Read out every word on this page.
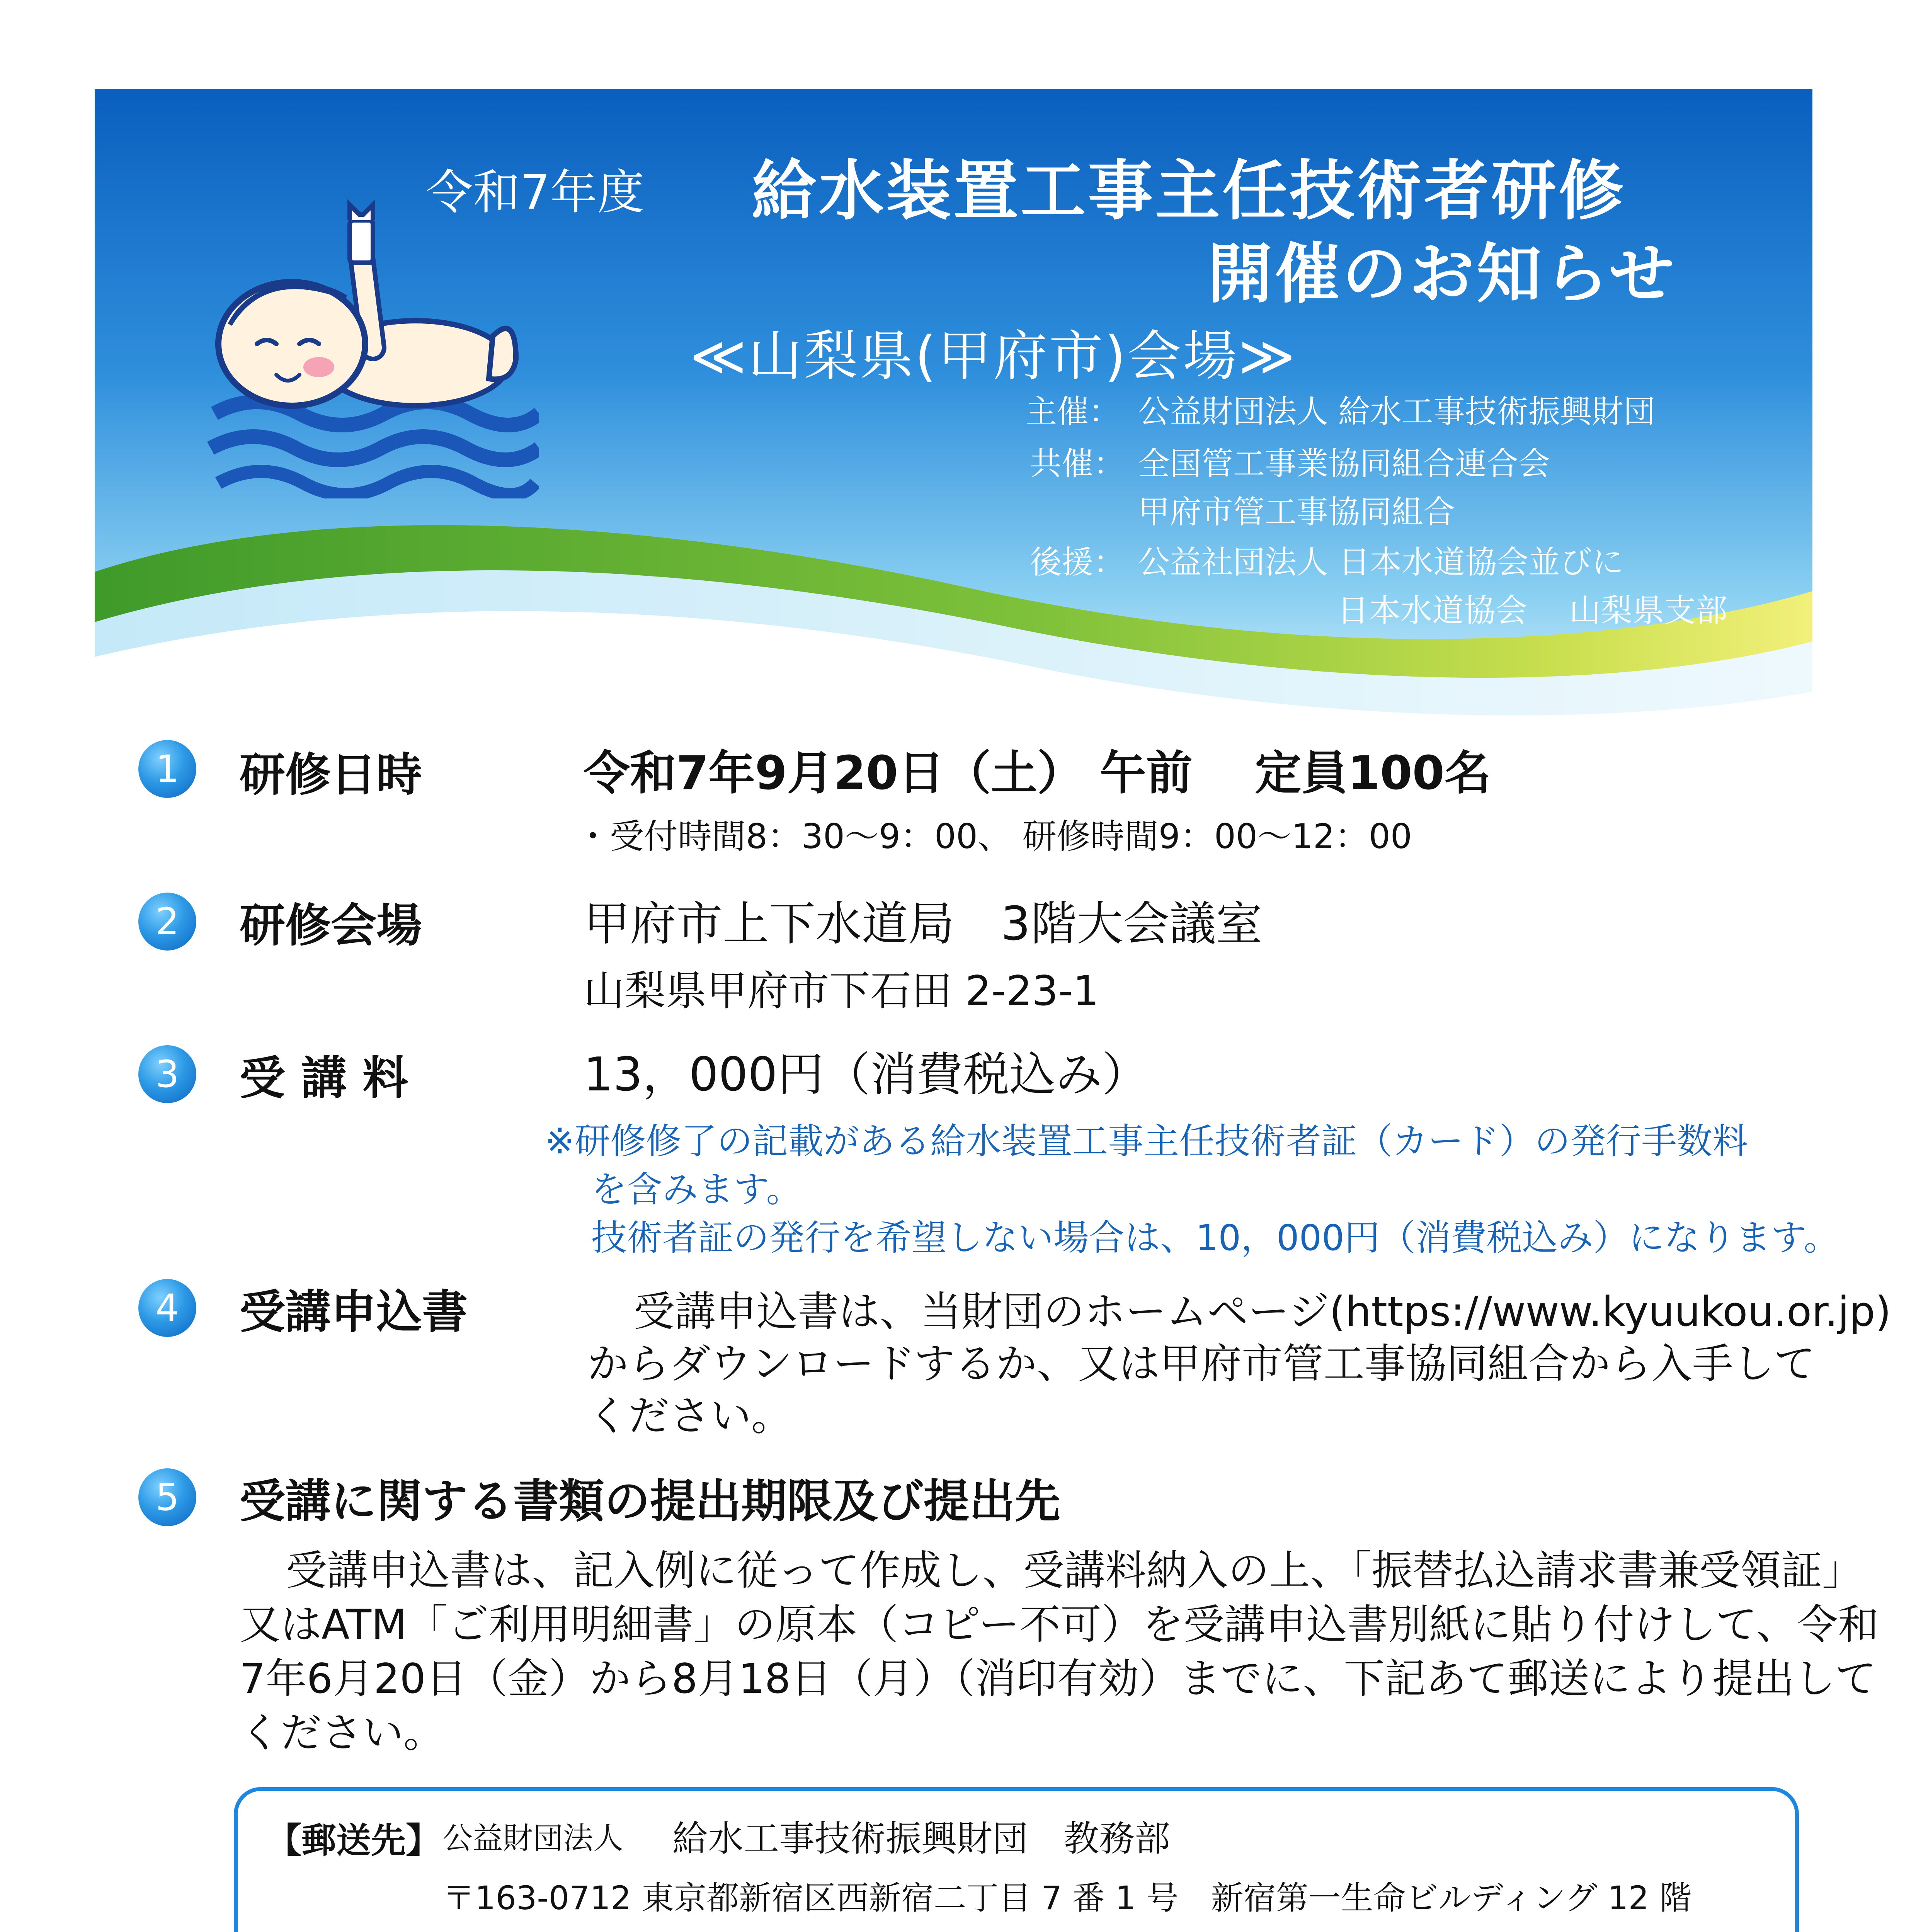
令和7年度 給水装置工事主任技術者研修
開催のお知らせ
≪山梨県(甲府市)会場≫
主催： 公益財団法人 給水工事技術振興財団
共催： 全国管工事業協同組合連合会
甲府市管工事協同組合
後援： 公益社団法人 日本水道協会並びに
日本水道協会　 山梨県支部
1	研修日時	令和7年9月20日（土） 午前　 定員100名
・受付時間8：30～9：00、 研修時間9：00～12：00
2	研修会場	甲府市上下水道局　3階大会議室
山梨県甲府市下石田 2-23-1
3	受 講 料	13，000円（消費税込み）
※研修修了の記載がある給水装置工事主任技術者証（カード）の発行手数料
を含みます。
技術者証の発行を希望しない場合は、10，000円（消費税込み）になります。
4	受講申込書	受講申込書は、当財団のホームページ(https://www.kyuukou.or.jp)
からダウンロードするか、又は甲府市管工事協同組合から入手して
ください。
5	受講に関する書類の提出期限及び提出先
受講申込書は、記入例に従って作成し、受講料納入の上、「振替払込請求書兼受領証」
又はATM「ご利用明細書」の原本（コピー不可）を受講申込書別紙に貼り付けして、令和
7年6月20日（金）から8月18日（月）（消印有効）までに、下記あて郵送により提出して
ください。
【郵送先】 公益財団法人 給水工事技術振興財団　教務部
〒163-0712 東京都新宿区西新宿二丁目 7 番 1 号　新宿第一生命ビルディング 12 階
